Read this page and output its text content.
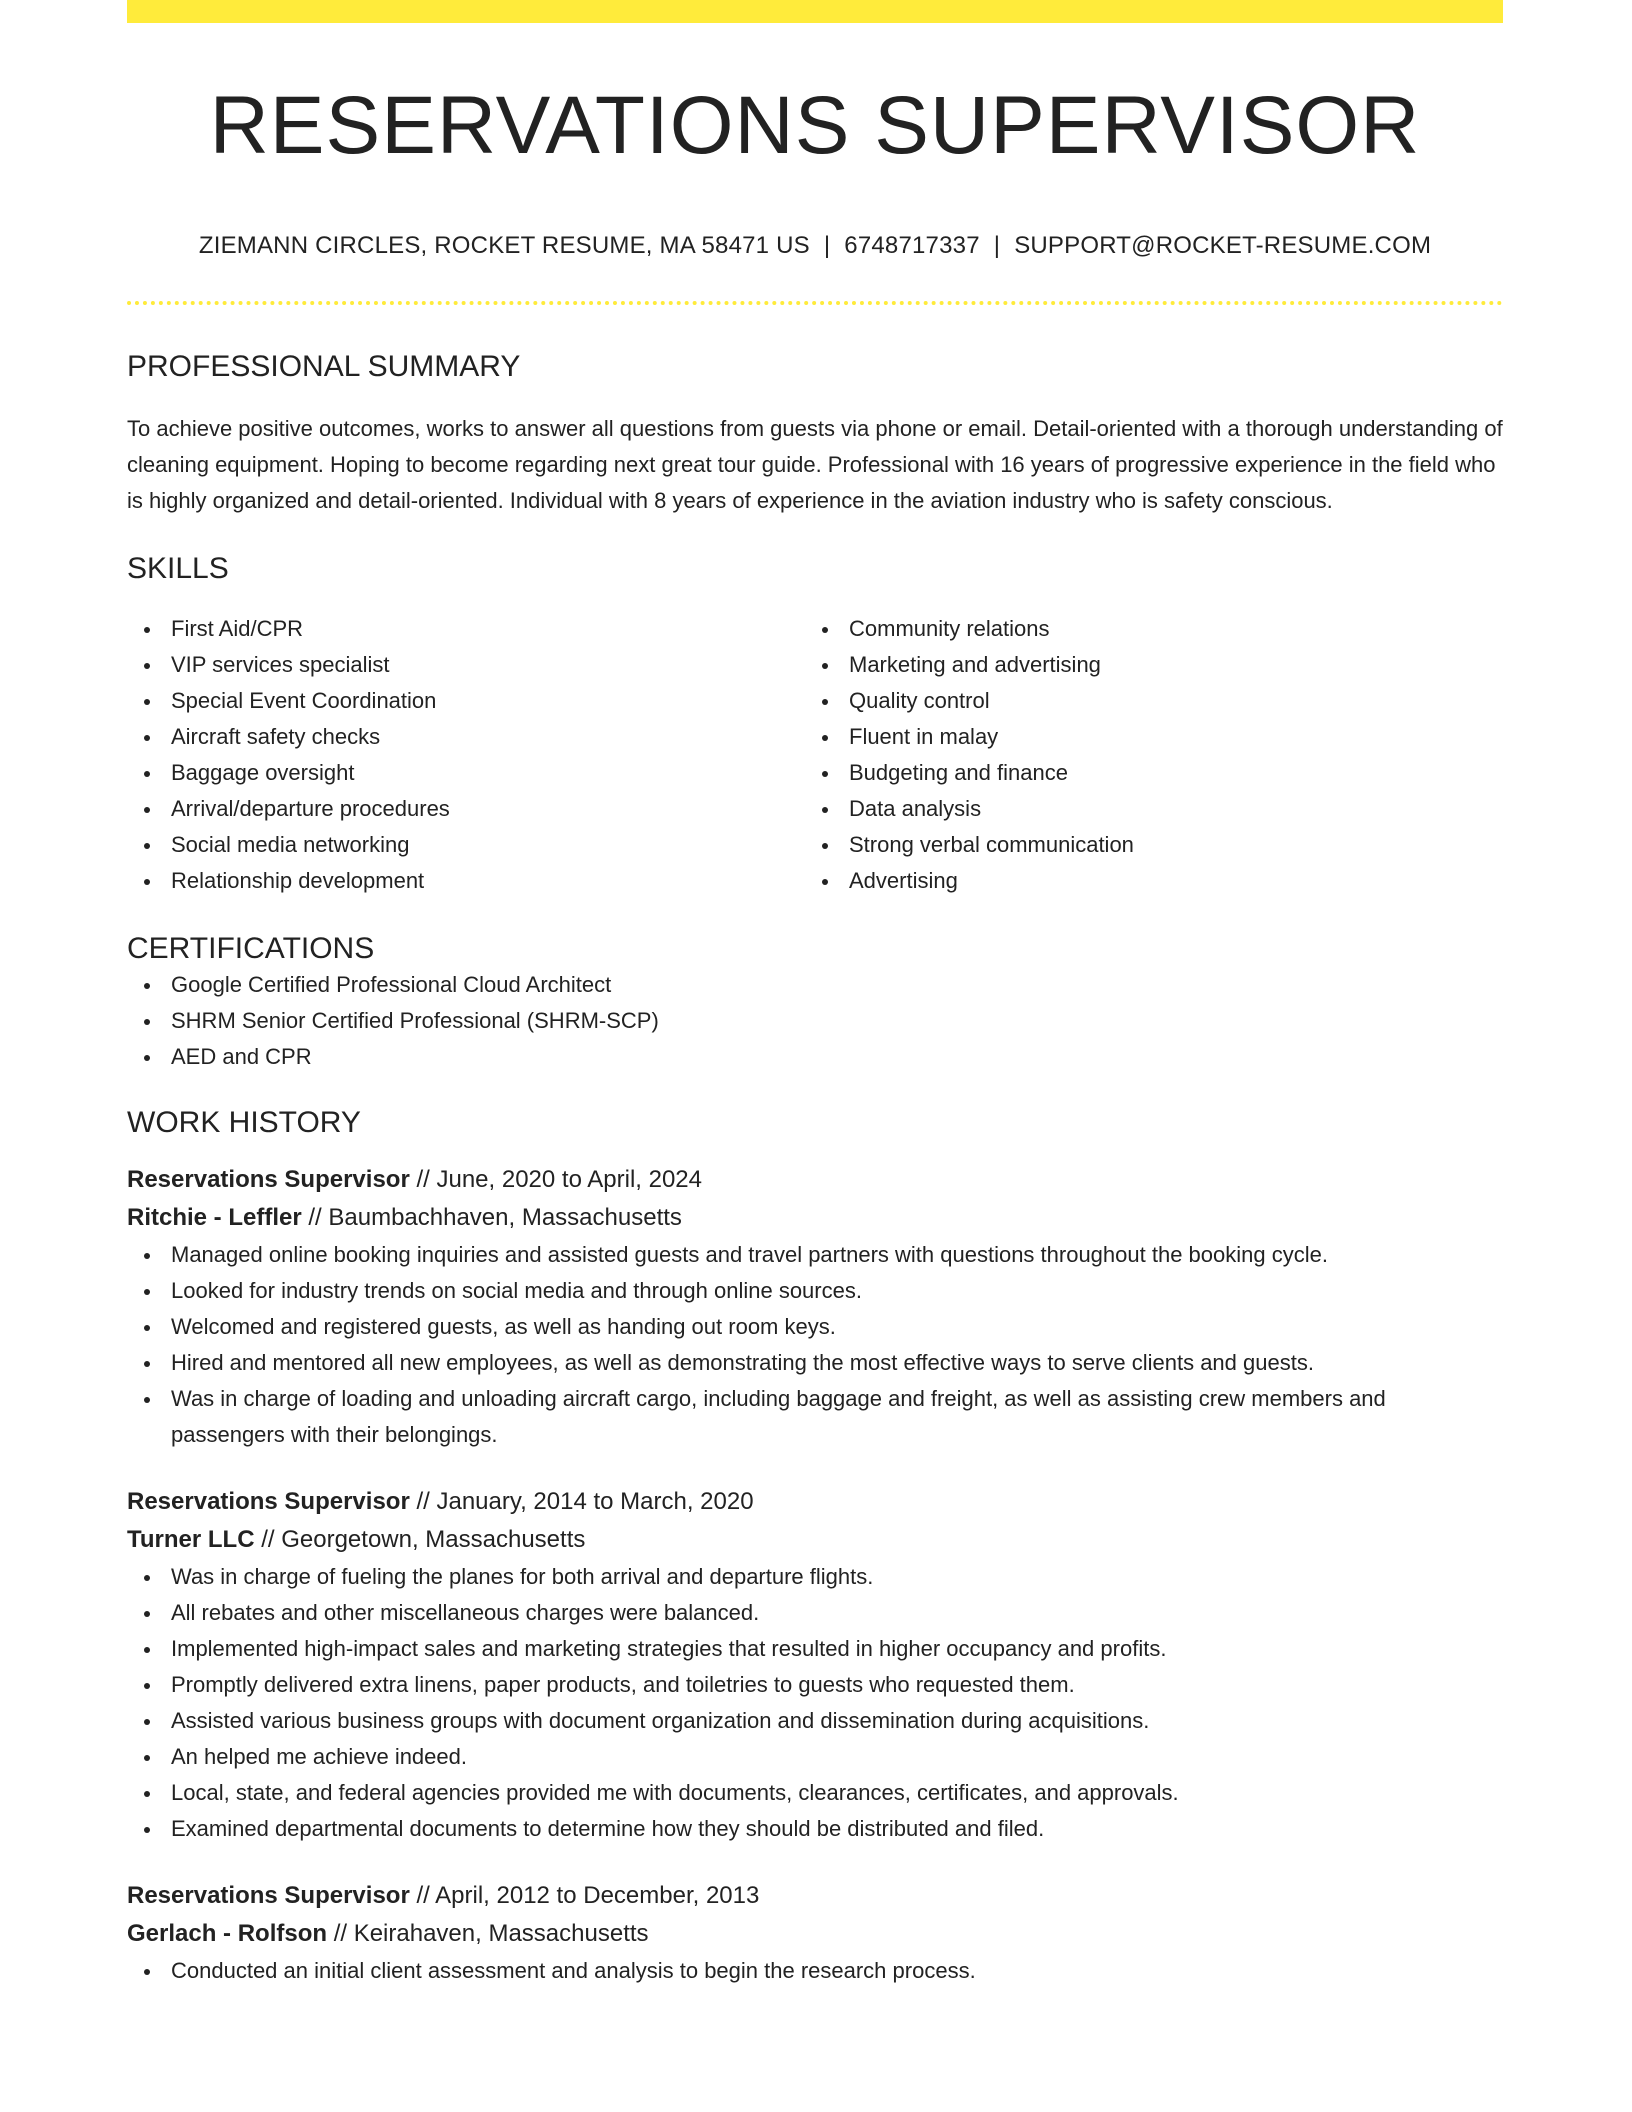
RESERVATIONS SUPERVISOR
ZIEMANN CIRCLES, ROCKET RESUME, MA 58471 US | 6748717337 | SUPPORT@ROCKET-RESUME.COM
PROFESSIONAL SUMMARY

To achieve positive outcomes, works to answer all questions from guests via phone or email. Detail-oriented with a thorough understanding of cleaning equipment. Hoping to become regarding next great tour guide. Professional with 16 years of progressive experience in the field who is highly organized and detail-oriented. Individual with 8 years of experience in the aviation industry who is safety conscious.

SKILLS
First Aid/CPR
VIP services specialist
Special Event Coordination
Aircraft safety checks
Baggage oversight
Arrival/departure procedures
Social media networking
Relationship development
Community relations
Marketing and advertising
Quality control
Fluent in malay
Budgeting and finance
Data analysis
Strong verbal communication
Advertising
CERTIFICATIONS
Google Certified Professional Cloud Architect
SHRM Senior Certified Professional (SHRM-SCP)
AED and CPR
WORK HISTORY
Reservations Supervisor // June, 2020 to April, 2024
Ritchie - Leffler // Baumbachhaven, Massachusetts
Managed online booking inquiries and assisted guests and travel partners with questions throughout the booking cycle.
Looked for industry trends on social media and through online sources.
Welcomed and registered guests, as well as handing out room keys.
Hired and mentored all new employees, as well as demonstrating the most effective ways to serve clients and guests.
Was in charge of loading and unloading aircraft cargo, including baggage and freight, as well as assisting crew members and passengers with their belongings.
Reservations Supervisor // January, 2014 to March, 2020
Turner LLC // Georgetown, Massachusetts
Was in charge of fueling the planes for both arrival and departure flights.
All rebates and other miscellaneous charges were balanced.
Implemented high-impact sales and marketing strategies that resulted in higher occupancy and profits.
Promptly delivered extra linens, paper products, and toiletries to guests who requested them.
Assisted various business groups with document organization and dissemination during acquisitions.
An helped me achieve indeed.
Local, state, and federal agencies provided me with documents, clearances, certificates, and approvals.
Examined departmental documents to determine how they should be distributed and filed.
Reservations Supervisor // April, 2012 to December, 2013
Gerlach - Rolfson // Keirahaven, Massachusetts
Conducted an initial client assessment and analysis to begin the research process.
